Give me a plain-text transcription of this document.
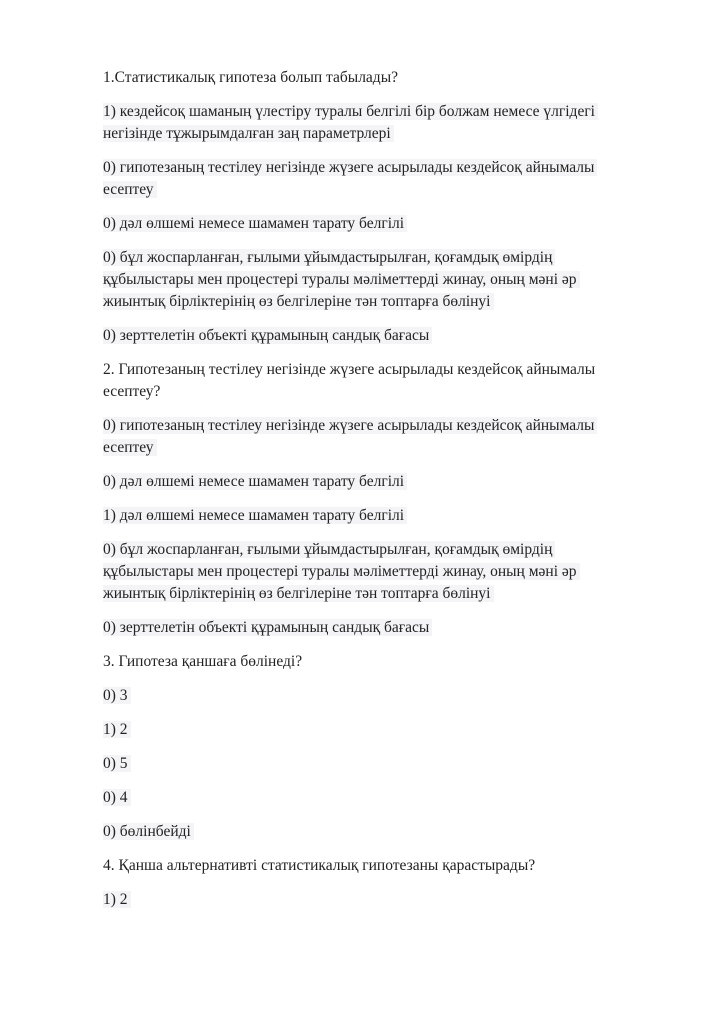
1.Статистикалық гипотеза болып табылады?
1) кездейсоқ шаманың үлестіру туралы белгілі бір болжам немесе үлгідегі
негізінде тұжырымдалған заң параметрлері
0) гипотезаның тестілеу негізінде жүзеге асырылады кездейсоқ айнымалы
есептеу
0) дәл өлшемі немесе шамамен тарату белгілі
0) бұл жоспарланған, ғылыми ұйымдастырылған, қоғамдық өмірдің
құбылыстары мен процестері туралы мәліметтерді жинау, оның мәні әр
жиынтық бірліктерінің өз белгілеріне тән топтарға бөлінуі
0) зерттелетін объекті құрамының сандық бағасы
2. Гипотезаның тестілеу негізінде жүзеге асырылады кездейсоқ айнымалы
есептеу?
0) гипотезаның тестілеу негізінде жүзеге асырылады кездейсоқ айнымалы
есептеу
0) дәл өлшемі немесе шамамен тарату белгілі
1) дәл өлшемі немесе шамамен тарату белгілі
0) бұл жоспарланған, ғылыми ұйымдастырылған, қоғамдық өмірдің
құбылыстары мен процестері туралы мәліметтерді жинау, оның мәні әр
жиынтық бірліктерінің өз белгілеріне тән топтарға бөлінуі
0) зерттелетін объекті құрамының сандық бағасы
3. Гипотеза қаншаға бөлінеді?
0) 3
1) 2
0) 5
0) 4
0) бөлінбейді
4. Қанша альтернативті статистикалық гипотезаны қарастырады?
1) 2
